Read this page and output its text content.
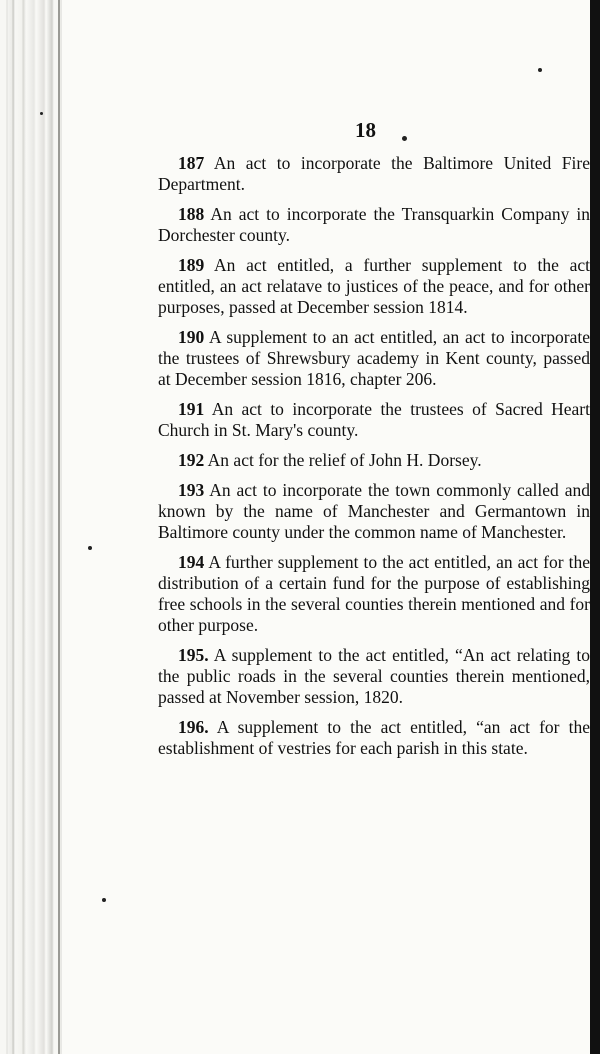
18

187 An act to incorporate the Baltimore United Fire Department.

188 An act to incorporate the Transquarkin Company in Dorchester county.

189 An act entitled, a further supplement to the act entitled, an act relatave to justices of the peace, and for other purposes, passed at December session 1814.

190 A supplement to an act entitled, an act to incorporate the trustees of Shrewsbury academy in Kent county, passed at December session 1816, chapter 206.

191 An act to incorporate the trustees of Sacred Heart Church in St. Mary's county.

192 An act for the relief of John H. Dorsey.

193 An act to incorporate the town commonly called and known by the name of Manchester and Germantown in Baltimore county under the common name of Manchester.

194 A further supplement to the act entitled, an act for the distribution of a certain fund for the purpose of establishing free schools in the several counties therein mentioned and for other purpose.

195. A supplement to the act entitled, “An act relating to the public roads in the several counties therein mentioned, passed at November session, 1820.

196. A supplement to the act entitled, “an act for the establishment of vestries for each parish in this state.
